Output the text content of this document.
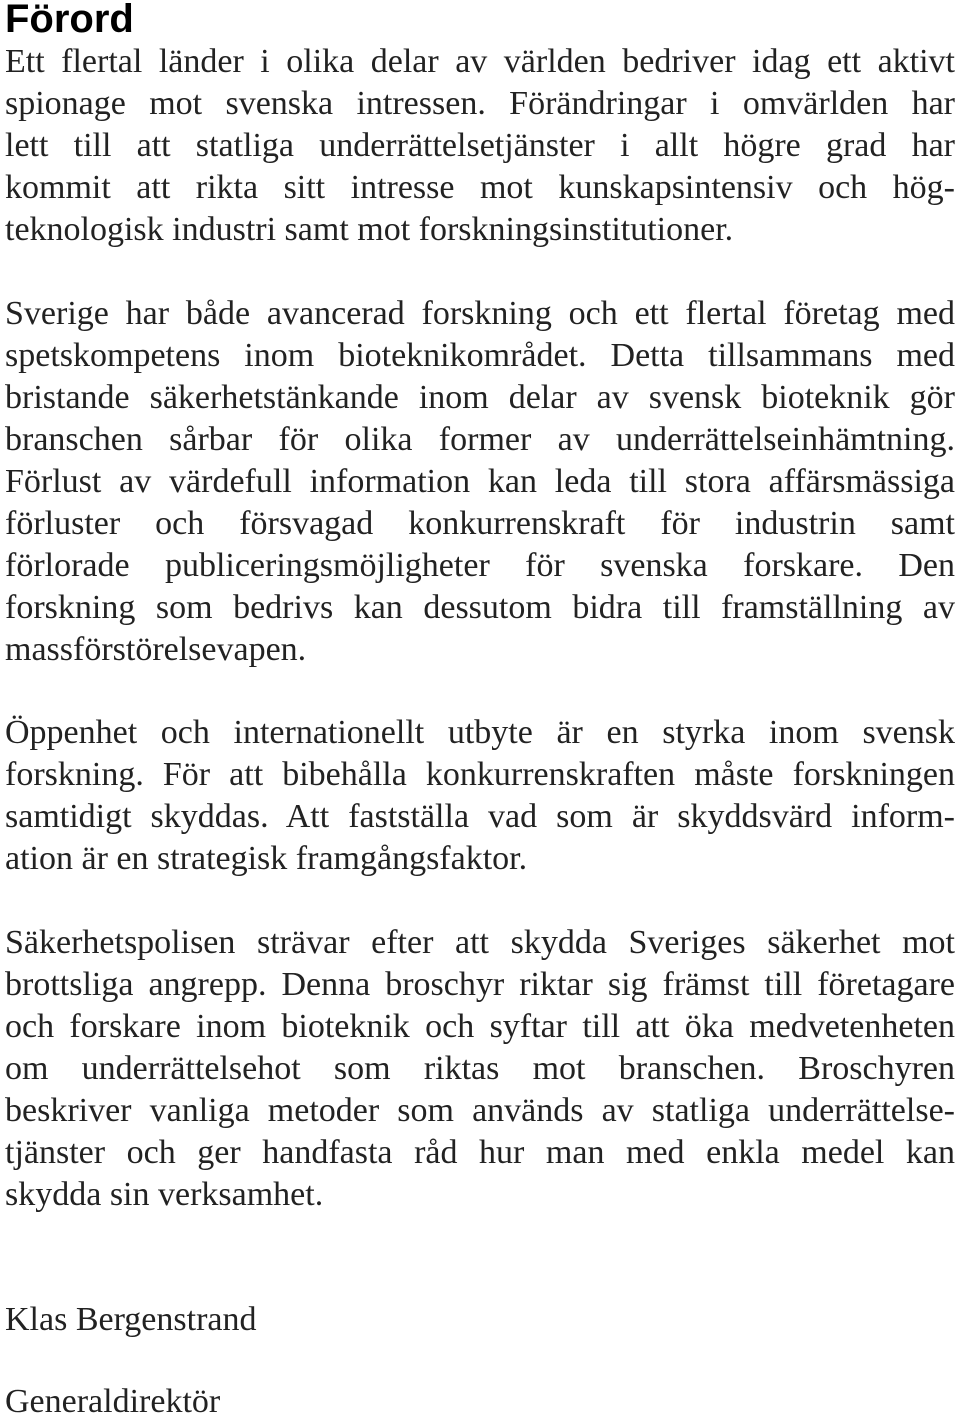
Förord
Ett flertal länder i olika delar av världen bedriver idag ett aktivt
spionage mot svenska intressen. Förändringar i omvärlden har
lett till att statliga underrättelsetjänster i allt högre grad har
kommit att rikta sitt intresse mot kunskapsintensiv och hög-
teknologisk industri samt mot forskningsinstitutioner.
Sverige har både avancerad forskning och ett flertal företag med
spetskompetens inom bioteknikområdet. Detta tillsammans med
bristande säkerhetstänkande inom delar av svensk bioteknik gör
branschen sårbar för olika former av underrättelseinhämtning.
Förlust av värdefull information kan leda till stora affärsmässiga
förluster och försvagad konkurrenskraft för industrin samt
förlorade publiceringsmöjligheter för svenska forskare. Den
forskning som bedrivs kan dessutom bidra till framställning av
massförstörelsevapen.
Öppenhet och internationellt utbyte är en styrka inom svensk
forskning. För att bibehålla konkurrenskraften måste forskningen
samtidigt skyddas. Att fastställa vad som är skyddsvärd inform-
ation är en strategisk framgångsfaktor.
Säkerhetspolisen strävar efter att skydda Sveriges säkerhet mot
brottsliga angrepp. Denna broschyr riktar sig främst till företagare
och forskare inom bioteknik och syftar till att öka medvetenheten
om underrättelsehot som riktas mot branschen. Broschyren
beskriver vanliga metoder som används av statliga underrättelse-
tjänster och ger handfasta råd hur man med enkla medel kan
skydda sin verksamhet.
Klas Bergenstrand
Generaldirektör
